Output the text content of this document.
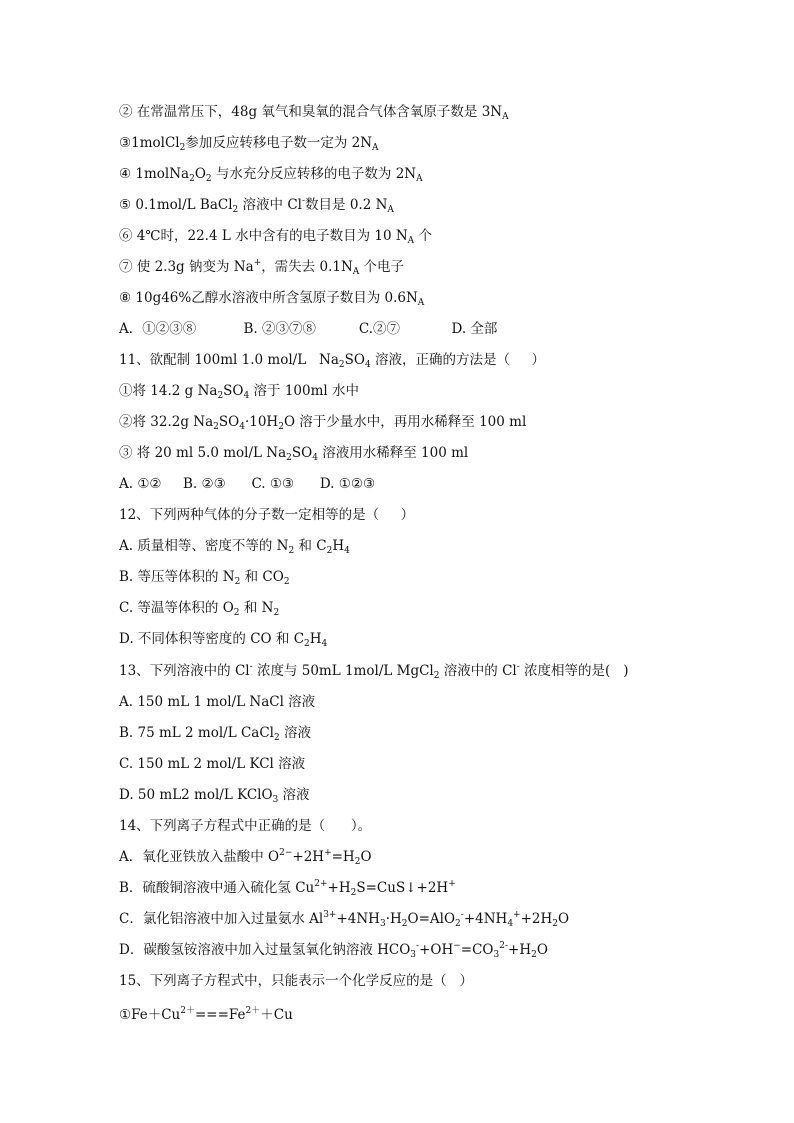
② 在常温常压下，48g 氧气和臭氧的混合气体含氧原子数是 $3N_A$
③1molCl$_2$参加反应转移电子数一定为 $2N_A$
④ $1molNa_2O_2$ 与水充分反应转移的电子数为 $2N_A$
⑤ 0.1mol/L BaCl$_2$ 溶液中 Cl-数目是 0.2 $N_A$
⑥ 4℃时，22.4 L 水中含有的电子数目为 10 $N_A$ 个
⑦ 使 2.3g 钠变为 Na+，需失去 $0.1N_A$ 个电子
⑧ 10g46%乙醇水溶液中所含氢原子数目为 $0.6N_A$
A．①②③⑧           B. ②③⑦⑧          C.②⑦            D. 全部
11、欲配制 100ml 1.0 mol/L   $Na_2SO_4$ 溶液，正确的方法是（     ）
①将 14.2 g $Na_2SO_4$ 溶于 100ml 水中
②将 32.2g $Na_2SO_4\cdot 10H_2O$ 溶于少量水中，再用水稀释至 100 ml
③ 将 20 ml 5.0 mol/L $Na_2SO_4$ 溶液用水稀释至 100 ml
A. ①②     B. ②③      C. ①③      D. ①②③
12、下列两种气体的分子数一定相等的是（     ）
A. 质量相等、密度不等的 $N_2$ 和 $C_2H_4$
B. 等压等体积的 $N_2$ 和 $CO_2$
C. 等温等体积的 $O_2$ 和 $N_2$
D. 不同体积等密度的 CO 和 $C_2H_4$
13、下列溶液中的 Cl- 浓度与 50mL 1mol/L MgCl$_2$ 溶液中的 Cl- 浓度相等的是(   )
A. 150 mL 1 mol/L NaCl 溶液
B. 75 mL 2 mol/L CaCl$_2$ 溶液
C. 150 mL 2 mol/L KCl 溶液
D. 50 mL2 mol/L KClO$_3$ 溶液
14、下列离子方程式中正确的是（      ）。
A．氧化亚铁放入盐酸中 $O^{2-}+2H^+=H_2O$
B．硫酸铜溶液中通入硫化氢 $Cu^{2+}+H_2S=CuS↓+2H^+$
C．氯化铝溶液中加入过量氨水 $Al^{3+}+4NH_3\cdot H_2O=AlO_2^-+4NH_4^++2H_2O$
D．碳酸氢铵溶液中加入过量氢氧化钠溶液 $HCO_3^-+OH^-=CO_3^{2-}+H_2O$
15、下列离子方程式中，只能表示一个化学反应的是（   ）
$①Fe+Cu^{2+}===Fe^{2+}+Cu$
